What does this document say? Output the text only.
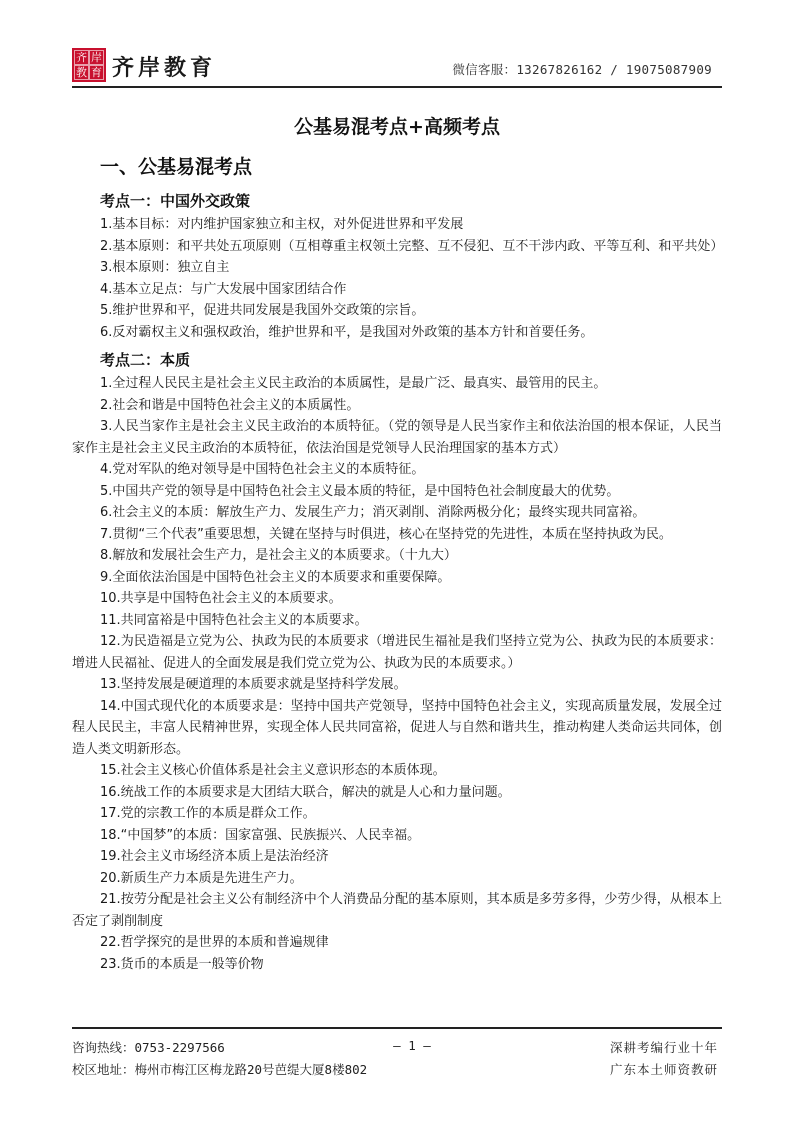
齐 岸
教 育 齐岸教育	微信客服：13267826162 / 19075087909
公基易混考点+高频考点
一、公基易混考点
考点一：中国外交政策

1.基本目标：对内维护国家独立和主权，对外促进世界和平发展

2.基本原则：和平共处五项原则（互相尊重主权领土完整、互不侵犯、互不干涉内政、平等互利、和平共处）

3.根本原则：独立自主

4.基本立足点：与广大发展中国家团结合作

5.维护世界和平，促进共同发展是我国外交政策的宗旨。

6.反对霸权主义和强权政治，维护世界和平，是我国对外政策的基本方针和首要任务。

考点二：本质

1.全过程人民民主是社会主义民主政治的本质属性，是最广泛、最真实、最管用的民主。

2.社会和谐是中国特色社会主义的本质属性。

3.人民当家作主是社会主义民主政治的本质特征。（党的领导是人民当家作主和依法治国的根本保证，人民当家作主是社会主义民主政治的本质特征，依法治国是党领导人民治理国家的基本方式）

4.党对军队的绝对领导是中国特色社会主义的本质特征。

5.中国共产党的领导是中国特色社会主义最本质的特征，是中国特色社会制度最大的优势。

6.社会主义的本质：解放生产力、发展生产力；消灭剥削、消除两极分化；最终实现共同富裕。

7.贯彻“三个代表”重要思想，关键在坚持与时俱进，核心在坚持党的先进性，本质在坚持执政为民。

8.解放和发展社会生产力，是社会主义的本质要求。（十九大）

9.全面依法治国是中国特色社会主义的本质要求和重要保障。

10.共享是中国特色社会主义的本质要求。

11.共同富裕是中国特色社会主义的本质要求。

12.为民造福是立党为公、执政为民的本质要求（增进民生福祉是我们坚持立党为公、执政为民的本质要求：增进人民福祉、促进人的全面发展是我们党立党为公、执政为民的本质要求。）

13.坚持发展是硬道理的本质要求就是坚持科学发展。

14.中国式现代化的本质要求是：坚持中国共产党领导，坚持中国特色社会主义，实现高质量发展，发展全过程人民民主，丰富人民精神世界，实现全体人民共同富裕，促进人与自然和谐共生，推动构建人类命运共同体，创造人类文明新形态。

15.社会主义核心价值体系是社会主义意识形态的本质体现。

16.统战工作的本质要求是大团结大联合，解决的就是人心和力量问题。

17.党的宗教工作的本质是群众工作。

18.“中国梦”的本质：国家富强、民族振兴、人民幸福。

19.社会主义市场经济本质上是法治经济

20.新质生产力本质是先进生产力。

21.按劳分配是社会主义公有制经济中个人消费品分配的基本原则，其本质是多劳多得，少劳少得，从根本上否定了剥削制度

22.哲学探究的是世界的本质和普遍规律

23.货币的本质是一般等价物

咨询热线：0753-2297566	— 1 —	深耕考编行业十年
校区地址：梅州市梅江区梅龙路20号芭缇大厦8楼802	广东本土师资教研
